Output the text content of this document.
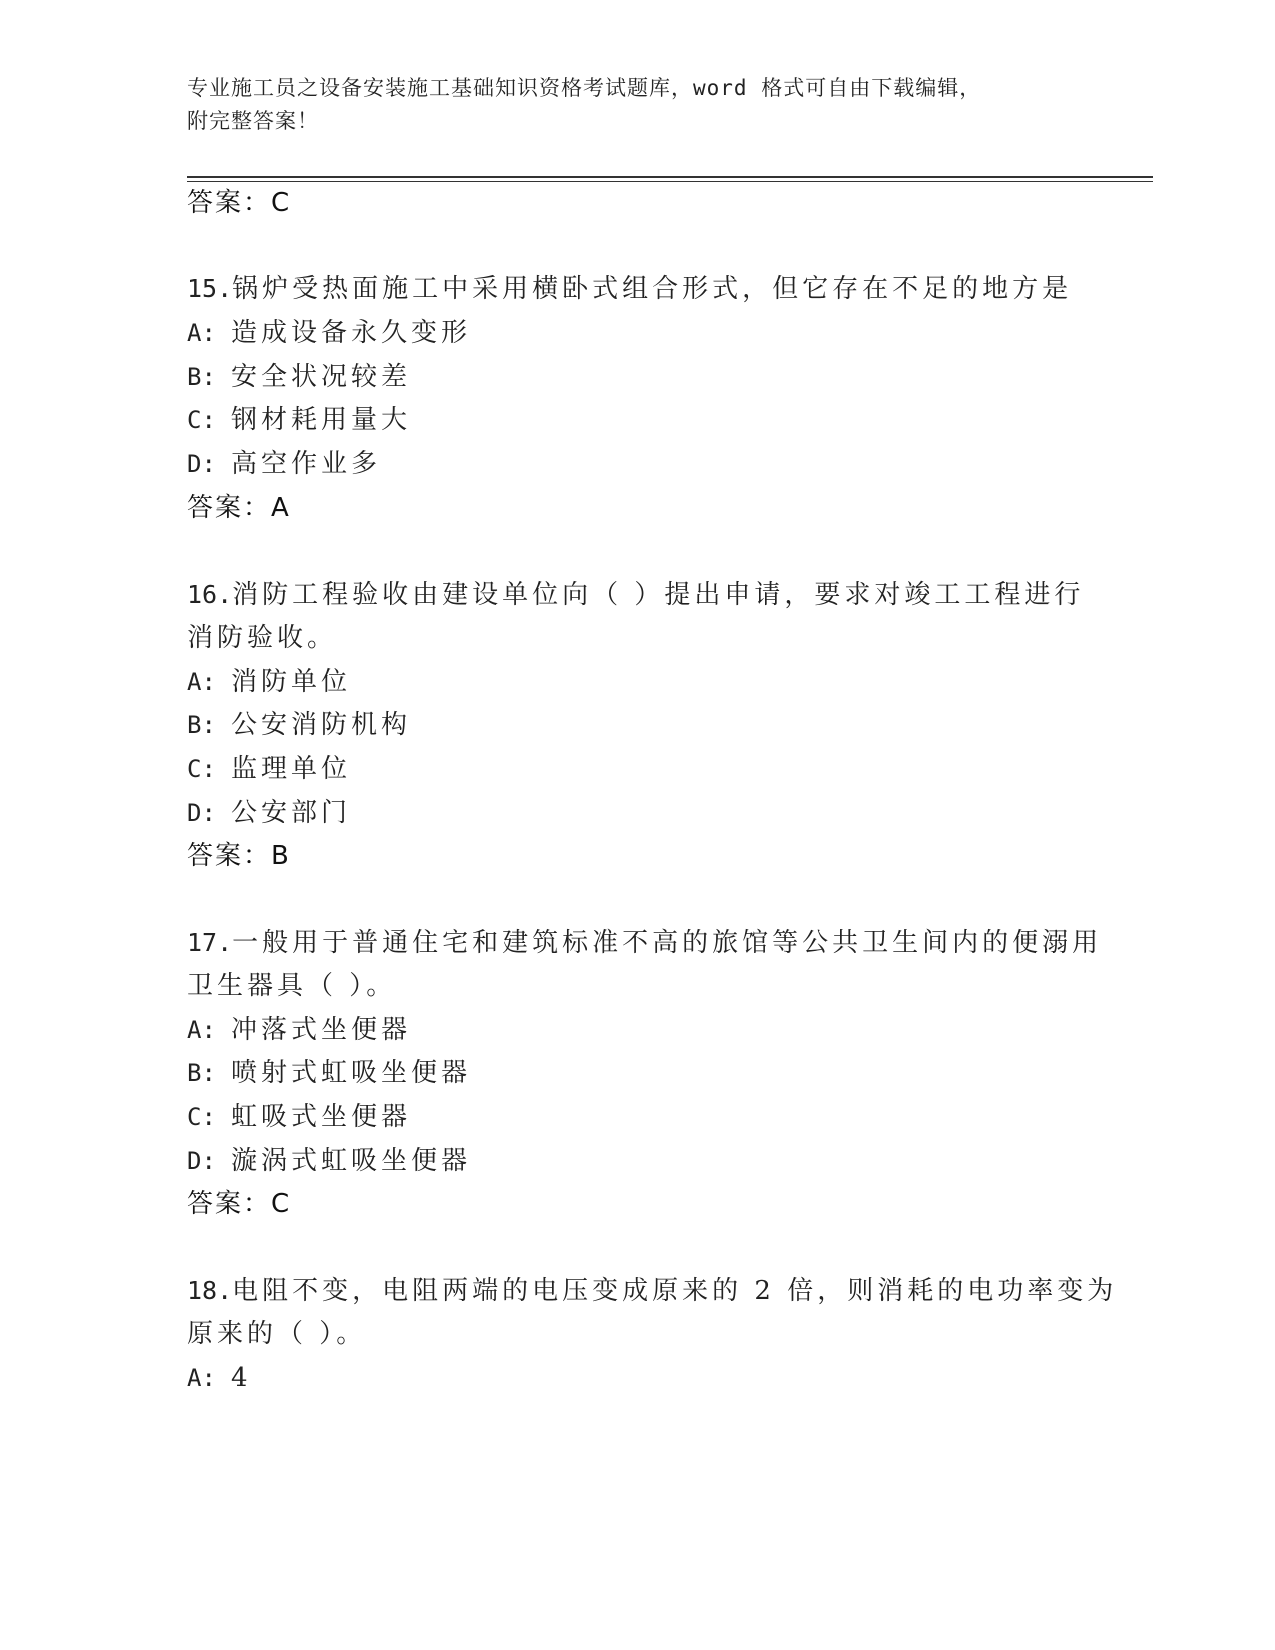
专业施工员之设备安装施工基础知识资格考试题库，word 格式可自由下载编辑，
附完整答案！
答案：C
15.锅炉受热面施工中采用横卧式组合形式，但它存在不足的地方是
A: 造成设备永久变形
B: 安全状况较差
C: 钢材耗用量大
D: 高空作业多
答案：A
16.消防工程验收由建设单位向（ ）提出申请，要求对竣工工程进行
消防验收。
A: 消防单位
B: 公安消防机构
C: 监理单位
D: 公安部门
答案：B
17.一般用于普通住宅和建筑标准不高的旅馆等公共卫生间内的便溺用
卫生器具（ ）。
A: 冲落式坐便器
B: 喷射式虹吸坐便器
C: 虹吸式坐便器
D: 漩涡式虹吸坐便器
答案：C
18.电阻不变，电阻两端的电压变成原来的 2 倍，则消耗的电功率变为
原来的（ ）。
A: 4
